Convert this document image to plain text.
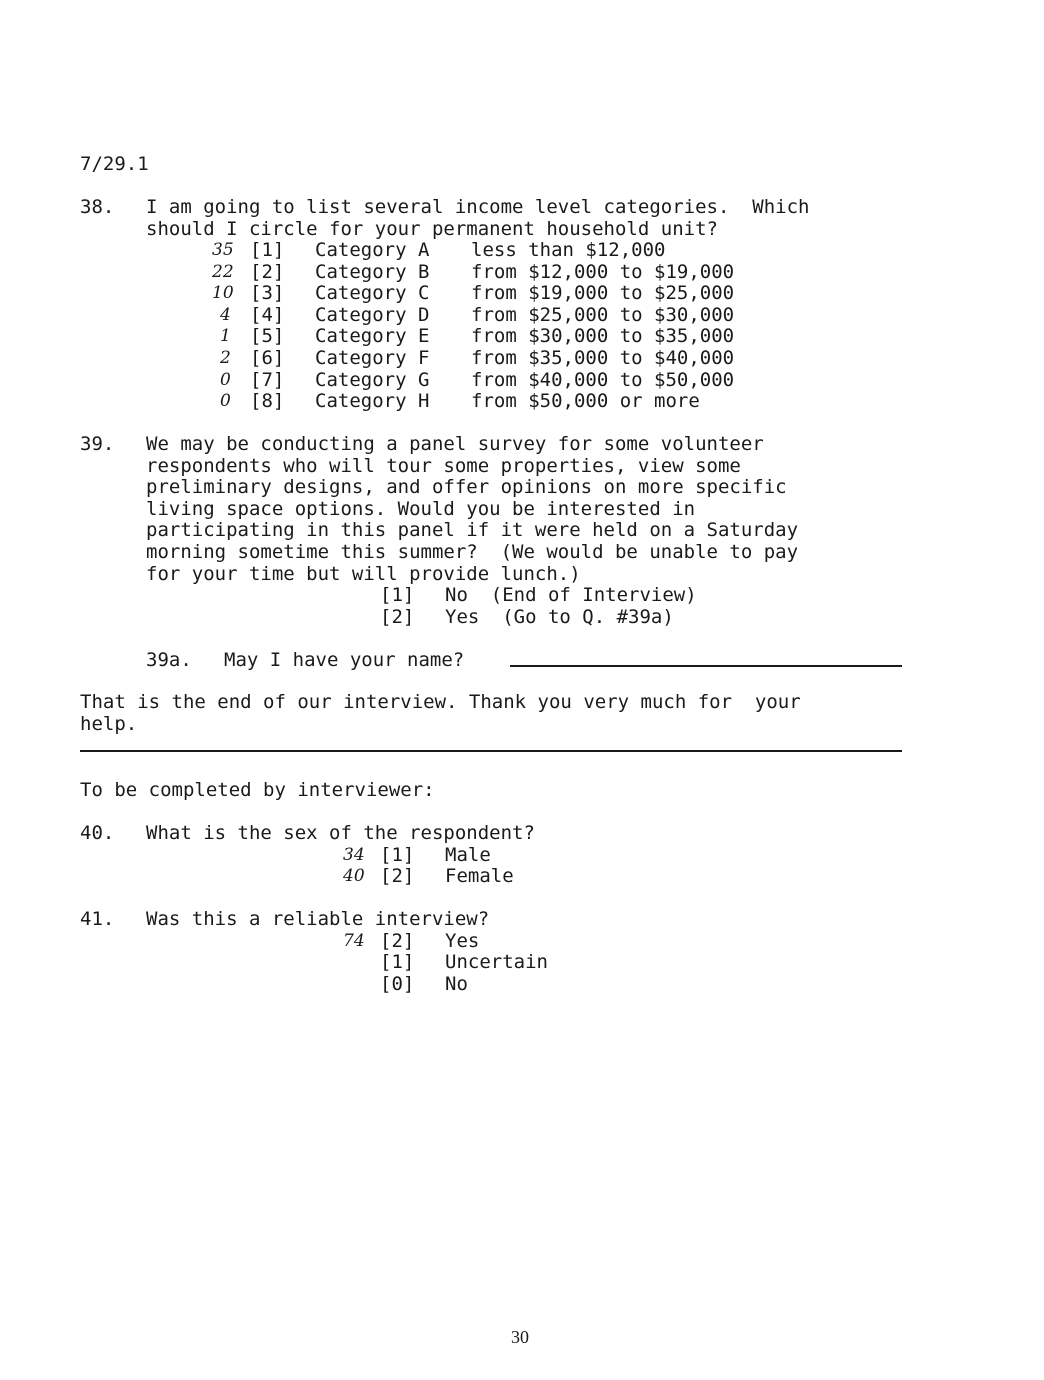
7/29.1
38. I am going to list several income level categories.  Which
should I circle for your permanent household unit?

35

[1]

Category A

less than $12,000

22

[2]

Category B

from $12,000 to $19,000

10

[3]

Category C

from $19,000 to $25,000

4

[4]

Category D

from $25,000 to $30,000

1

[5]

Category E

from $30,000 to $35,000

2

[6]

Category F

from $35,000 to $40,000

0

[7]

Category G

from $40,000 to $50,000

0

[8]

Category H

from $50,000 or more

39. We may be conducting a panel survey for some volunteer
respondents who will tour some properties, view some
preliminary designs, and offer opinions on more specific
living space options. Would you be interested in
participating in this panel if it were held on a Saturday
morning sometime this summer?  (We would be unable to pay
for your time but will provide lunch.)

[1]

No  (End of Interview)

[2]

Yes  (Go to Q. #39a)

39a. May I have your name?
That is the end of our interview. Thank you very much for  your
help.
To be completed by interviewer:
40. What is the sex of the respondent?

34

[1]

Male

40

[2]

Female

41. Was this a reliable interview?

74

[2]

Yes

[1]

Uncertain

[0]

No

30
